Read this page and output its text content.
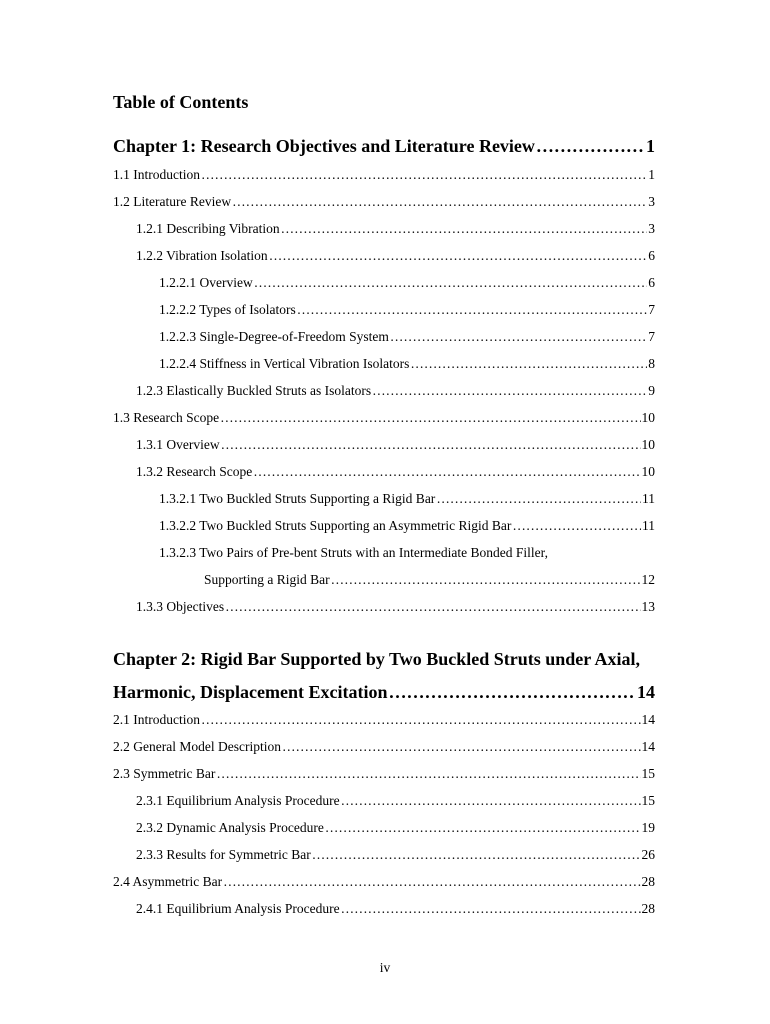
Table of Contents
Chapter 1: Research Objectives and Literature Review ………………………………………………………………………………………………………………………………………………………………………………………………………………	1
1.1 Introduction ………………………………………………………………………………………………………………………………………………………………………………………………………………	1
1.2 Literature Review ………………………………………………………………………………………………………………………………………………………………………………………………………………	3
1.2.1 Describing Vibration ………………………………………………………………………………………………………………………………………………………………………………………………………………	3
1.2.2 Vibration Isolation ………………………………………………………………………………………………………………………………………………………………………………………………………………	6
1.2.2.1 Overview ………………………………………………………………………………………………………………………………………………………………………………………………………………	6
1.2.2.2 Types of Isolators ………………………………………………………………………………………………………………………………………………………………………………………………………………	7
1.2.2.3 Single-Degree-of-Freedom System ………………………………………………………………………………………………………………………………………………………………………………………………………………	7
1.2.2.4 Stiffness in Vertical Vibration Isolators ………………………………………………………………………………………………………………………………………………………………………………………………………………	8
1.2.3 Elastically Buckled Struts as Isolators ………………………………………………………………………………………………………………………………………………………………………………………………………………	9
1.3 Research Scope ………………………………………………………………………………………………………………………………………………………………………………………………………………	10
1.3.1 Overview ………………………………………………………………………………………………………………………………………………………………………………………………………………	10
1.3.2 Research Scope ………………………………………………………………………………………………………………………………………………………………………………………………………………	10
1.3.2.1 Two Buckled Struts Supporting a Rigid Bar ………………………………………………………………………………………………………………………………………………………………………………………………………………	11
1.3.2.2 Two Buckled Struts Supporting an Asymmetric Rigid Bar ………………………………………………………………………………………………………………………………………………………………………………………………………………	11
1.3.2.3 Two Pairs of Pre-bent Struts with an Intermediate Bonded Filler,
Supporting a Rigid Bar ………………………………………………………………………………………………………………………………………………………………………………………………………………	12
1.3.3 Objectives ………………………………………………………………………………………………………………………………………………………………………………………………………………	13
Chapter 2: Rigid Bar Supported by Two Buckled Struts under Axial,
Harmonic, Displacement Excitation ………………………………………………………………………………………………………………………………………………………………………………………………………………	14
2.1 Introduction ………………………………………………………………………………………………………………………………………………………………………………………………………………	14
2.2 General Model Description ………………………………………………………………………………………………………………………………………………………………………………………………………………	14
2.3 Symmetric Bar ………………………………………………………………………………………………………………………………………………………………………………………………………………	15
2.3.1 Equilibrium Analysis Procedure ………………………………………………………………………………………………………………………………………………………………………………………………………………	15
2.3.2 Dynamic Analysis Procedure ………………………………………………………………………………………………………………………………………………………………………………………………………………	19
2.3.3 Results for Symmetric Bar ………………………………………………………………………………………………………………………………………………………………………………………………………………	26
2.4 Asymmetric Bar ………………………………………………………………………………………………………………………………………………………………………………………………………………	28
2.4.1 Equilibrium Analysis Procedure ………………………………………………………………………………………………………………………………………………………………………………………………………………	28
iv
